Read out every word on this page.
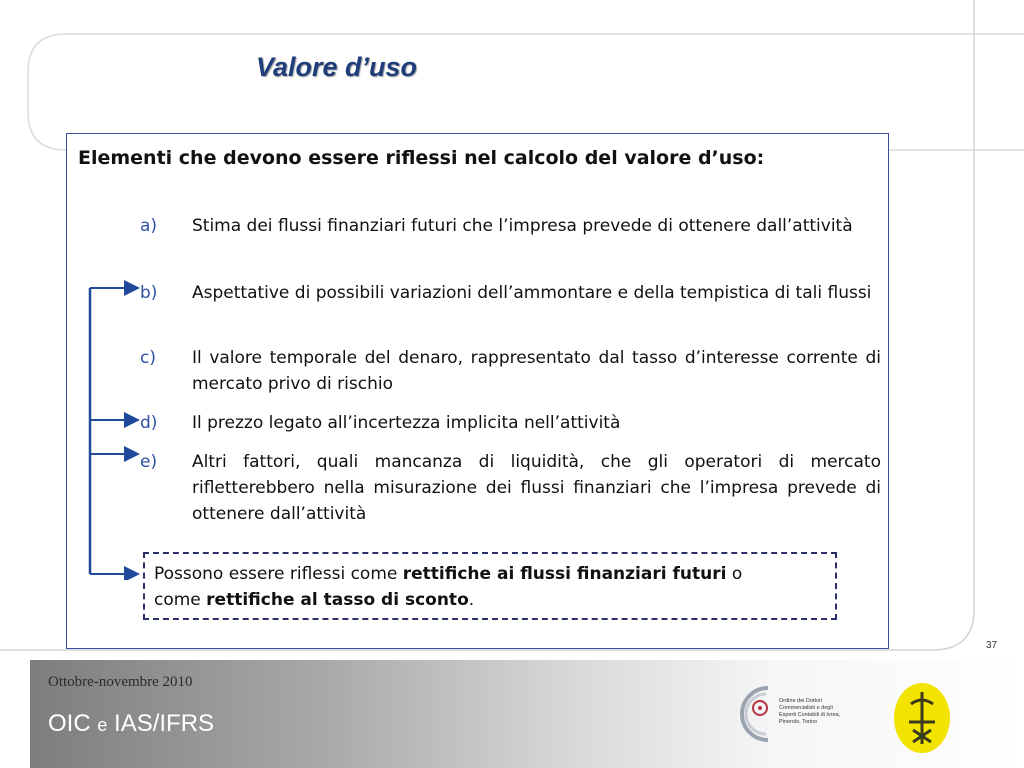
Valore d’uso
Elementi che devono essere riflessi nel calcolo del valore d’uso:
a) Stima dei flussi finanziari futuri che l’impresa prevede di ottenere dall’attività
b) Aspettative di possibili variazioni dell’ammontare e della tempistica di tali flussi
c) Il valore temporale del denaro, rappresentato dal tasso d’interesse corrente di mercato privo di rischio
d) Il prezzo legato all’incertezza implicita nell’attività
e) Altri fattori, quali mancanza di liquidità, che gli operatori di mercato rifletterebbero nella misurazione dei flussi finanziari che l’impresa prevede di ottenere dall’attività
Possono essere riflessi come rettifiche ai flussi finanziari futuri o come rettifiche al tasso di sconto.
37
Ottobre-novembre 2010
OIC e IAS/IFRS
Ordine dei Dottori Commercialisti e degli Esperti Contabili di Ivrea, Pinerolo, Torino
